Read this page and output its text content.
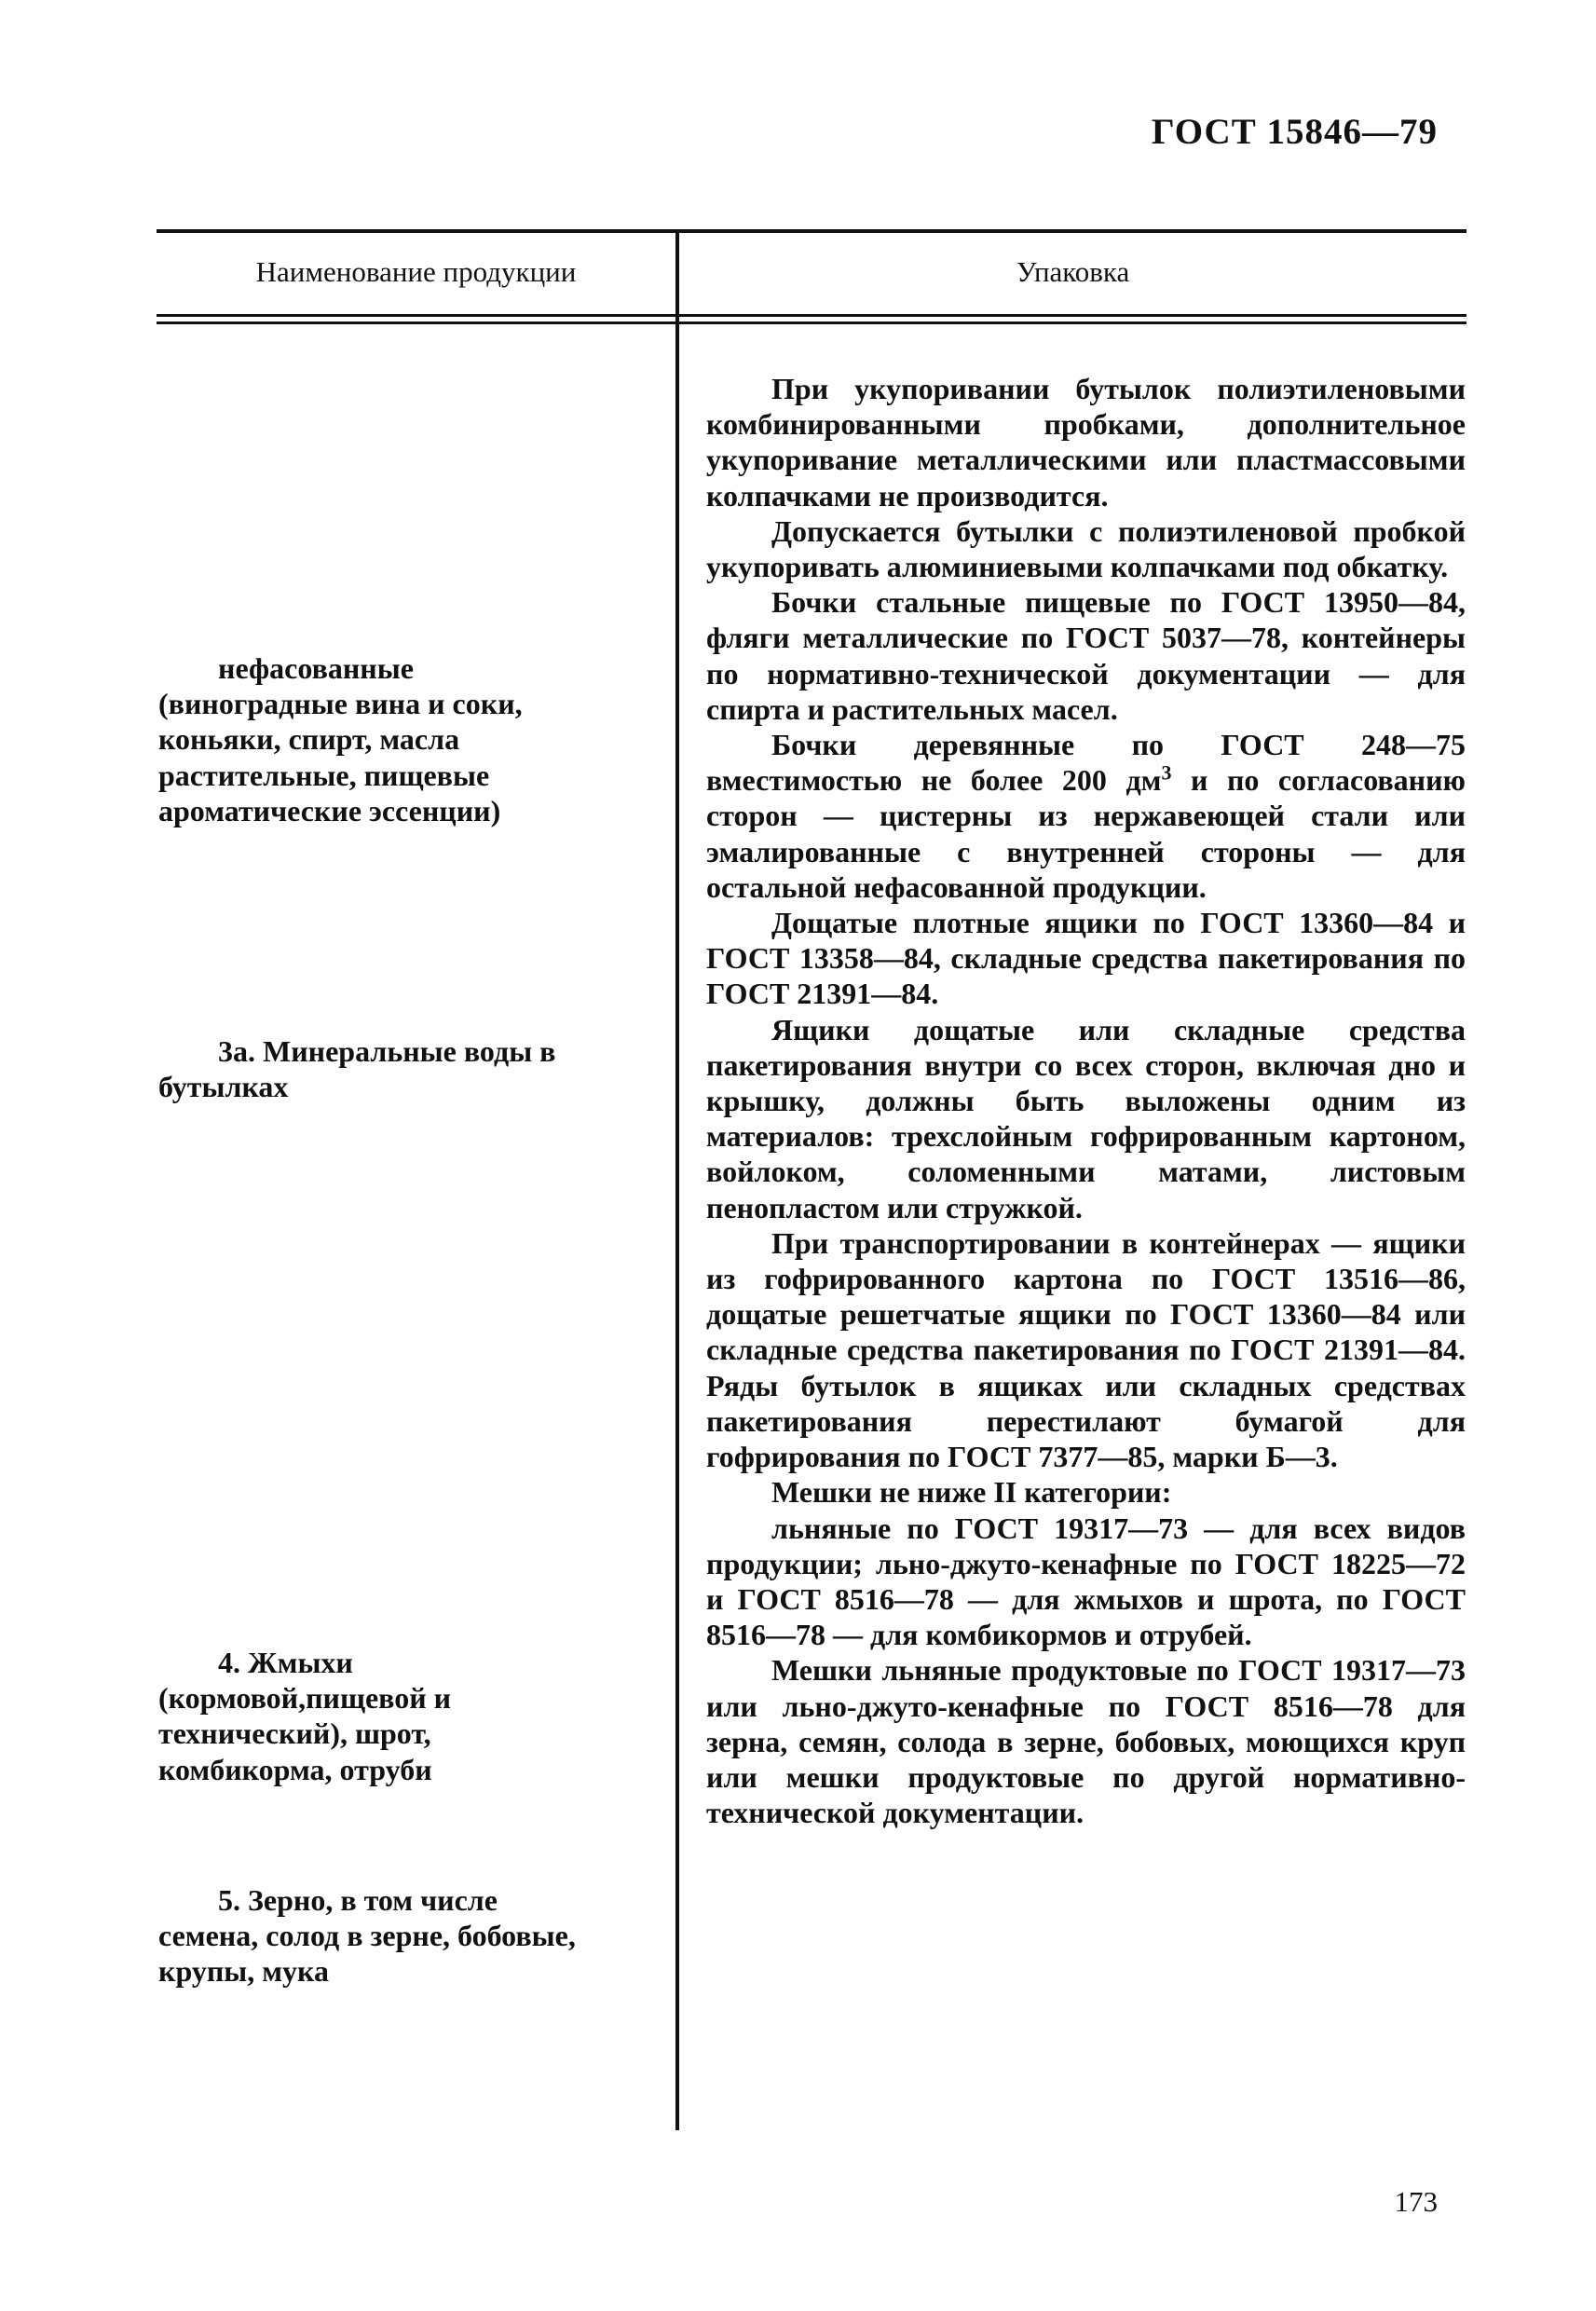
ГОСТ 15846—79
Наименование продукции	Упаковка

нефасованные (виноградные вина и соки, коньяки, спирт, масла растительные, пищевые ароматические эссенции)

3а. Минеральные воды в бутылках

4. Жмыхи (кормовой,пищевой и технический), шрот, комбикорма, отруби

5. Зерно, в том числе семена, солод в зерне, бобовые, крупы, мука

При укупоривании бутылок полиэтиленовыми комбинированными пробками, дополнительное укупоривание металлическими или пластмассовыми колпачками не производится.

Допускается бутылки с полиэтиленовой пробкой укупоривать алюминиевыми колпачками под обкатку.

Бочки стальные пищевые по ГОСТ 13950—84, фляги металлические по ГОСТ 5037—78, контейнеры по нормативно-технической документации — для спирта и растительных масел.

Бочки деревянные по ГОСТ 248—75 вместимостью не более 200 $дм^3$ и по согласованию сторон — цистерны из нержавеющей стали или эмалированные с внутренней стороны — для остальной нефасованной продукции.

Дощатые плотные ящики по ГОСТ 13360—84 и ГОСТ 13358—84, складные средства пакетирования по ГОСТ 21391—84.

Ящики дощатые или складные средства пакетирования внутри со всех сторон, включая дно и крышку, должны быть выложены одним из материалов: трехслойным гофрированным картоном, войлоком, соломенными матами, листовым пенопластом или стружкой.

При транспортировании в контейнерах — ящики из гофрированного картона по ГОСТ 13516—86, дощатые решетчатые ящики по ГОСТ 13360—84 или складные средства пакетирования по ГОСТ 21391—84. Ряды бутылок в ящиках или складных средствах пакетирования перестилают бумагой для гофрирования по ГОСТ 7377—85, марки Б—3.

Мешки не ниже II категории:

льняные по ГОСТ 19317—73 — для всех видов продукции; льно-джуто-кенафные по ГОСТ 18225—72 и ГОСТ 8516—78 — для жмыхов и шрота, по ГОСТ 8516—78 — для комбикормов и отрубей.

Мешки льняные продуктовые по ГОСТ 19317—73 или льно-джуто-кенафные по ГОСТ 8516—78 для зерна, семян, солода в зерне, бобовых, моющихся круп или мешки продуктовые по другой нормативно-технической документации.

173
